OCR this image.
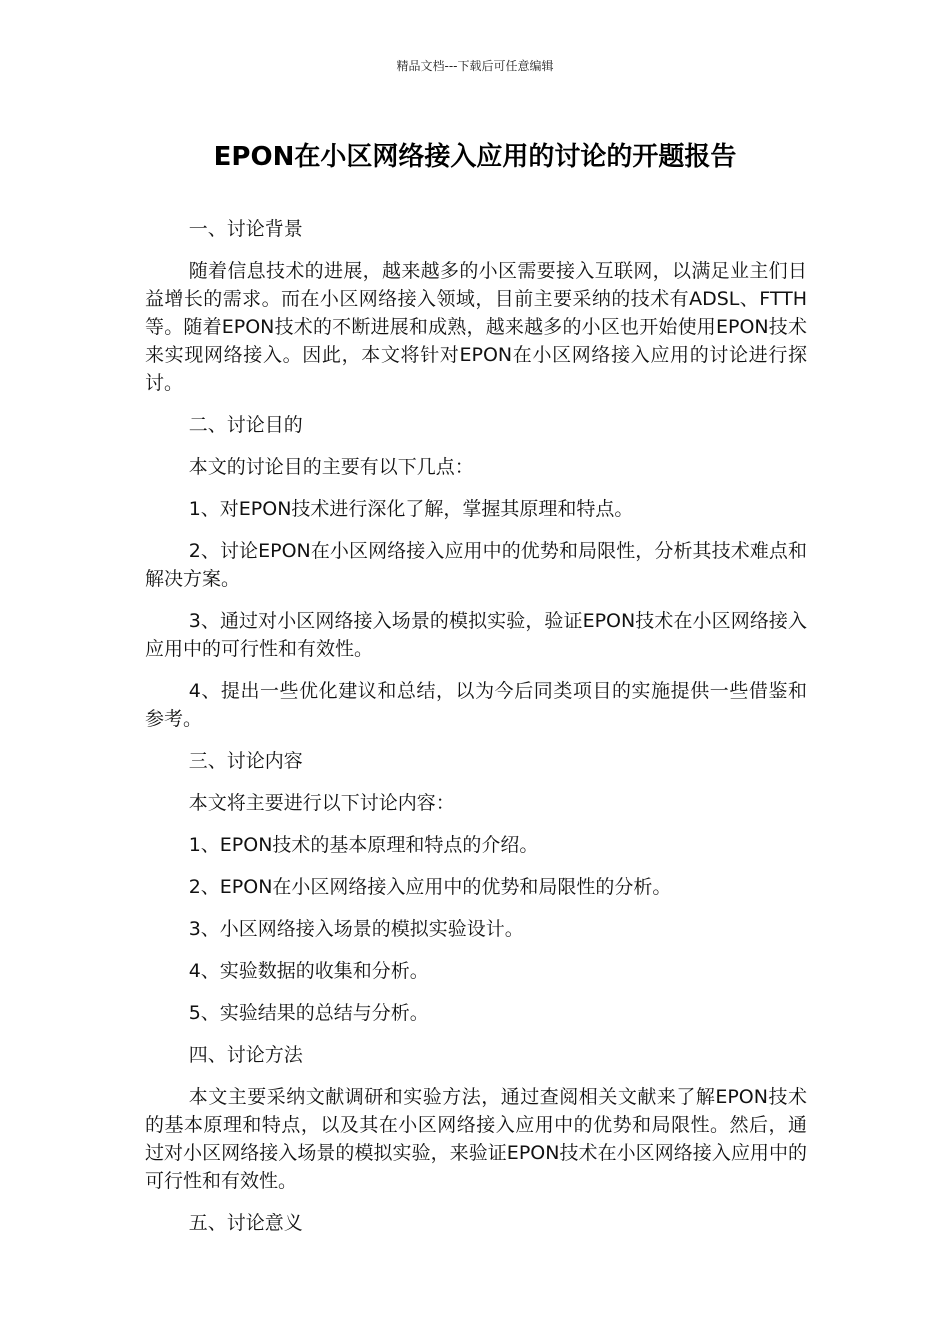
精品文档---下载后可任意编辑
EPON在小区网络接入应用的讨论的开题报告

一、讨论背景

随着信息技术的进展，越来越多的小区需要接入互联网，以满足业主们日益增长的需求。而在小区网络接入领域，目前主要采纳的技术有ADSL、FTTH等。随着EPON技术的不断进展和成熟，越来越多的小区也开始使用EPON技术来实现网络接入。因此，本文将针对EPON在小区网络接入应用的讨论进行探讨。

二、讨论目的

本文的讨论目的主要有以下几点：

1、对EPON技术进行深化了解，掌握其原理和特点。

2、讨论EPON在小区网络接入应用中的优势和局限性，分析其技术难点和解决方案。

3、通过对小区网络接入场景的模拟实验，验证EPON技术在小区网络接入应用中的可行性和有效性。

4、提出一些优化建议和总结，以为今后同类项目的实施提供一些借鉴和参考。

三、讨论内容

本文将主要进行以下讨论内容：

1、EPON技术的基本原理和特点的介绍。

2、EPON在小区网络接入应用中的优势和局限性的分析。

3、小区网络接入场景的模拟实验设计。

4、实验数据的收集和分析。

5、实验结果的总结与分析。

四、讨论方法

本文主要采纳文献调研和实验方法，通过查阅相关文献来了解EPON技术的基本原理和特点，以及其在小区网络接入应用中的优势和局限性。然后，通过对小区网络接入场景的模拟实验，来验证EPON技术在小区网络接入应用中的可行性和有效性。

五、讨论意义
